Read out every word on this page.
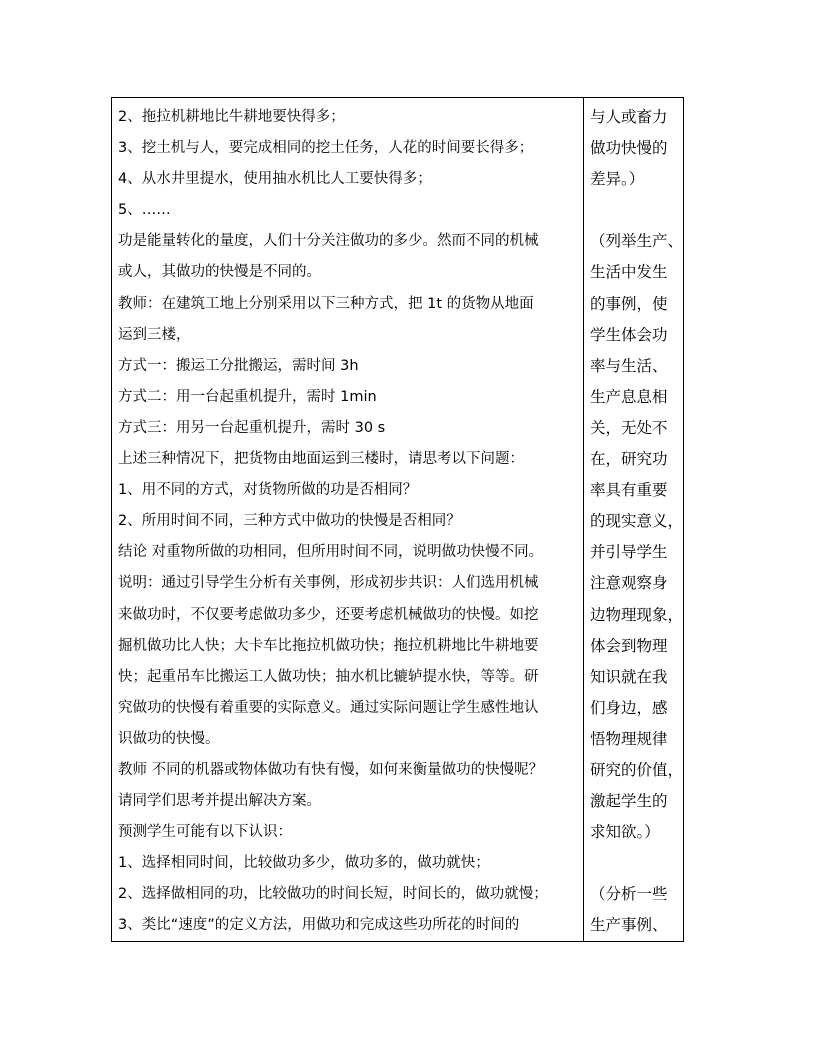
2、拖拉机耕地比牛耕地要快得多；
3、挖土机与人，要完成相同的挖土任务，人花的时间要长得多；
4、从水井里提水，使用抽水机比人工要快得多；
5、……
功是能量转化的量度，人们十分关注做功的多少。然而不同的机械
或人，其做功的快慢是不同的。
教师：在建筑工地上分别采用以下三种方式，把 1t 的货物从地面
运到三楼，
方式一：搬运工分批搬运，需时间 3h
方式二：用一台起重机提升，需时 1min
方式三：用另一台起重机提升，需时 30 s
上述三种情况下，把货物由地面运到三楼时，请思考以下问题：
1、用不同的方式，对货物所做的功是否相同？
2、所用时间不同，三种方式中做功的快慢是否相同？
结论 对重物所做的功相同，但所用时间不同，说明做功快慢不同。
说明：通过引导学生分析有关事例，形成初步共识：人们选用机械
来做功时，不仅要考虑做功多少，还要考虑机械做功的快慢。如挖
掘机做功比人快；大卡车比拖拉机做功快；拖拉机耕地比牛耕地要
快；起重吊车比搬运工人做功快；抽水机比辘轳提水快，等等。研
究做功的快慢有着重要的实际意义。通过实际问题让学生感性地认
识做功的快慢。
教师 不同的机器或物体做功有快有慢，如何来衡量做功的快慢呢？
请同学们思考并提出解决方案。
预测学生可能有以下认识：
1、选择相同时间，比较做功多少，做功多的，做功就快；
2、选择做相同的功，比较做功的时间长短，时间长的，做功就慢；
3、类比“速度”的定义方法，用做功和完成这些功所花的时间的
与人或畜力
做功快慢的
差异。）
（列举生产、
生活中发生
的事例，使
学生体会功
率与生活、
生产息息相
关，无处不
在，研究功
率具有重要
的现实意义，
并引导学生
注意观察身
边物理现象，
体会到物理
知识就在我
们身边，感
悟物理规律
研究的价值，
激起学生的
求知欲。）
（分析一些
生产事例、
